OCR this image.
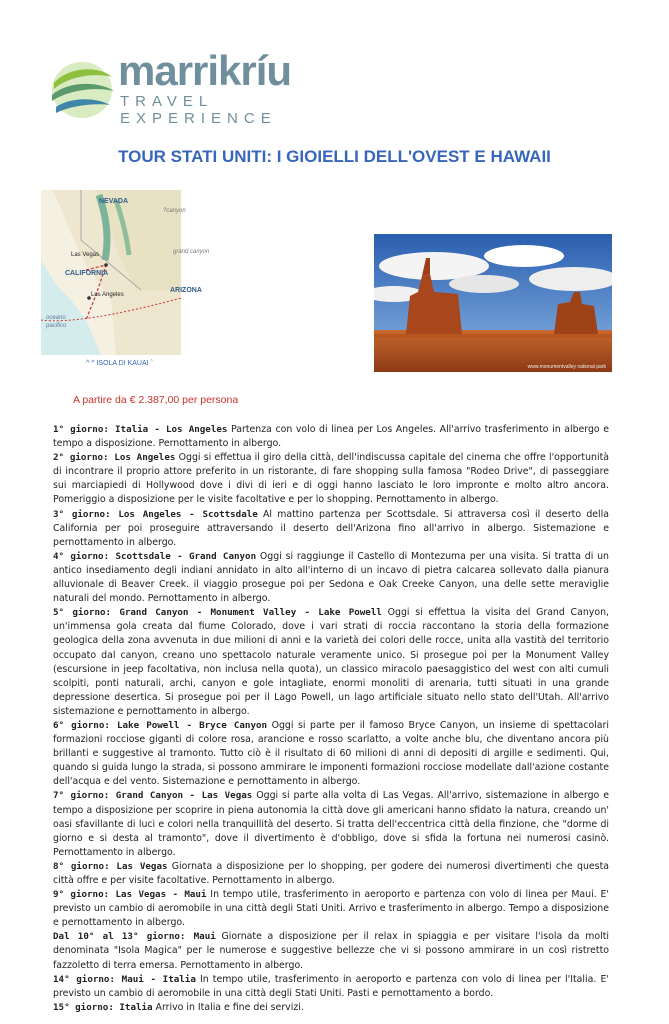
marrikríu
TRAVEL EXPERIENCE
TOUR STATI UNITI: I GIOIELLI DELL'OVEST E HAWAII
NEVADA
Las Vegas
CALIFORNIA
Los Angeles
oceano
pacifico
?canyon
grand canyon
ARIZONA
^ ^ ISOLA DI KAUAI ˆ	www.monumentvalley national park
A partire da € 2.387,00 per persona

1° giorno: Italia - Los Angeles Partenza con volo di linea per Los Angeles. All'arrivo trasferimento in albergo e tempo a disposizione. Pernottamento in albergo.

2° giorno: Los Angeles Oggi si effettua il giro della città, dell'indiscussa capitale del cinema che offre l'opportunità di incontrare il proprio attore preferito in un ristorante, di fare shopping sulla famosa "Rodeo Drive", di passeggiare sui marciapiedi di Hollywood dove i divi di ieri e di oggi hanno lasciato le loro impronte e molto altro ancora. Pomeriggio a disposizione per le visite facoltative e per lo shopping. Pernottamento in albergo.

3° giorno: Los Angeles - Scottsdale Al mattino partenza per Scottsdale. Si attraversa così il deserto della California per poi proseguire attraversando il deserto dell'Arizona fino all'arrivo in albergo. Sistemazione e pernottamento in albergo.

4° giorno: Scottsdale - Grand Canyon Oggi si raggiunge il Castello di Montezuma per una visita. Si tratta di un antico insediamento degli indiani annidato in alto all'interno di un incavo di pietra calcarea sollevato dalla pianura alluvionale di Beaver Creek. il viaggio prosegue poi per Sedona e Oak Creeke Canyon, una delle sette meraviglie naturali del mondo. Pernottamento in albergo.

5° giorno: Grand Canyon - Monument Valley - Lake Powell Oggi si effettua la visita del Grand Canyon, un'immensa gola creata dal fiume Colorado, dove i vari strati di roccia raccontano la storia della formazione geologica della zona avvenuta in due milioni di anni e la varietà dei colori delle rocce, unita alla vastità del territorio occupato dal canyon, creano uno spettacolo naturale veramente unico. Si prosegue poi per la Monument Valley (escursione in jeep facoltativa, non inclusa nella quota), un classico miracolo paesaggistico del west con alti cumuli scolpiti, ponti naturali, archi, canyon e gole intagliate, enormi monoliti di arenaria, tutti situati in una grande depressione desertica. Si prosegue poi per il Lago Powell, un lago artificiale situato nello stato dell'Utah. All'arrivo sistemazione e pernottamento in albergo.

6° giorno: Lake Powell - Bryce Canyon Oggi si parte per il famoso Bryce Canyon, un insieme di spettacolari formazioni rocciose giganti di colore rosa, arancione e rosso scarlatto, a volte anche blu, che diventano ancora più brillanti e suggestive al tramonto. Tutto ciò è il risultato di 60 milioni di anni di depositi di argille e sedimenti. Qui, quando si guida lungo la strada, si possono ammirare le imponenti formazioni rocciose modellate dall'azione costante dell'acqua e del vento. Sistemazione e pernottamento in albergo.

7° giorno: Grand Canyon - Las Vegas Oggi si parte alla volta di Las Vegas. All'arrivo, sistemazione in albergo e tempo a disposizione per scoprire in piena autonomia la città dove gli americani hanno sfidato la natura, creando un' oasi sfavillante di luci e colori nella tranquillità del deserto. Si tratta dell'eccentrica città della finzione, che "dorme di giorno e si desta al tramonto", dove il divertimento è d'obbligo, dove si sfida la fortuna nei numerosi casinò. Pernottamento in albergo.

8° giorno: Las Vegas Giornata a disposizione per lo shopping, per godere dei numerosi divertimenti che questa città offre e per visite facoltative. Pernottamento in albergo.

9° giorno: Las Vegas - Maui In tempo utile, trasferimento in aeroporto e partenza con volo di linea per Maui. E' previsto un cambio di aeromobile in una città degli Stati Uniti. Arrivo e trasferimento in albergo. Tempo a disposizione e pernottamento in albergo.

Dal 10° al 13° giorno: Maui Giornate a disposizione per il relax in spiaggia e per visitare l'isola da molti denominata "Isola Magica" per le numerose e suggestive bellezze che vi si possono ammirare in un così ristretto fazzoletto di terra emersa. Pernottamento in albergo.

14° giorno: Maui - Italia In tempo utile, trasferimento in aeroporto e partenza con volo di linea per l'Italia. E' previsto un cambio di aeromobile in una città degli Stati Uniti. Pasti e pernottamento a bordo.

15° giorno: Italia Arrivo in Italia e fine dei servizi.
